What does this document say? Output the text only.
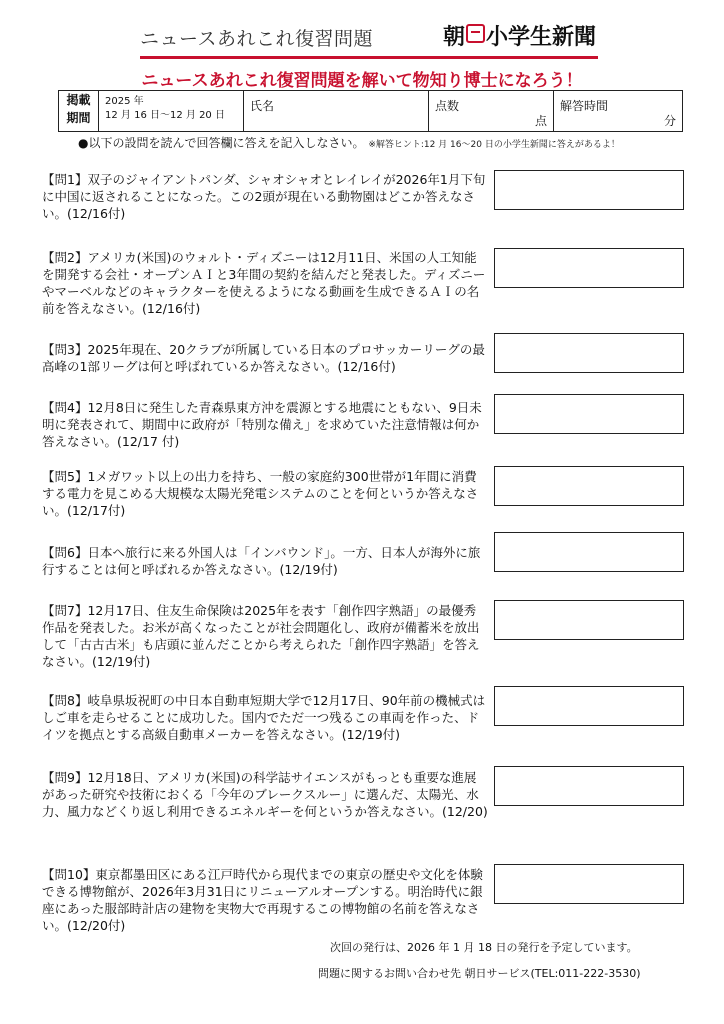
ニュースあれこれ復習問題	朝 小学生新聞
ニュースあれこれ復習問題を解いて物知り博士になろう！
掲載
期間
2025 年
12 月 16 日～12 月 20 日
氏名	点数
点
解答時間
分
●以下の設問を読んで回答欄に答えを記入しなさい。 ※解答ヒント:12 月 16～20 日の小学生新聞に答えがあるよ！
【問1】双子のジャイアントパンダ、シャオシャオとレイレイが2026年1月下旬に中国に返されることになった。この2頭が現在いる動物園はどこか答えなさい。(12/16付)
【問2】アメリカ(米国)のウォルト・ディズニーは12月11日、米国の人工知能を開発する会社・オープンＡＩと3年間の契約を結んだと発表した。ディズニーやマーベルなどのキャラクターを使えるようになる動画を生成できるＡＩの名前を答えなさい。(12/16付)
【問3】2025年現在、20クラブが所属している日本のプロサッカーリーグの最高峰の1部リーグは何と呼ばれているか答えなさい。(12/16付)
【問4】12月8日に発生した青森県東方沖を震源とする地震にともない、9日未明に発表されて、期間中に政府が「特別な備え」を求めていた注意情報は何か答えなさい。(12/17 付)
【問5】1メガワット以上の出力を持ち、一般の家庭約300世帯が1年間に消費する電力を見こめる大規模な太陽光発電システムのことを何というか答えなさい。(12/17付)
【問6】日本へ旅行に来る外国人は「インバウンド」。一方、日本人が海外に旅行することは何と呼ばれるか答えなさい。(12/19付)
【問7】12月17日、住友生命保険は2025年を表す「創作四字熟語」の最優秀作品を発表した。お米が高くなったことが社会問題化し、政府が備蓄米を放出して「古古古米」も店頭に並んだことから考えられた「創作四字熟語」を答えなさい。(12/19付)
【問8】岐阜県坂祝町の中日本自動車短期大学で12月17日、90年前の機械式はしご車を走らせることに成功した。国内でただ一つ残るこの車両を作った、ドイツを拠点とする高級自動車メーカーを答えなさい。(12/19付)
【問9】12月18日、アメリカ(米国)の科学誌サイエンスがもっとも重要な進展があった研究や技術におくる「今年のブレークスルー」に選んだ、太陽光、水力、風力などくり返し利用できるエネルギーを何というか答えなさい。(12/20)
【問10】東京都墨田区にある江戸時代から現代までの東京の歴史や文化を体験できる博物館が、2026年3月31日にリニューアルオープンする。明治時代に銀座にあった服部時計店の建物を実物大で再現するこの博物館の名前を答えなさい。(12/20付)
次回の発行は、2026 年 1 月 18 日の発行を予定しています。
問題に関するお問い合わせ先 朝日サービス(TEL:011-222-3530)
